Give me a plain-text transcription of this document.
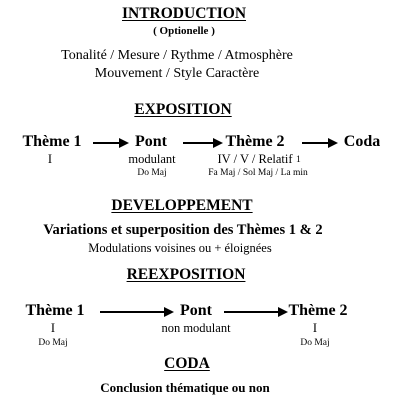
INTRODUCTION
( Optionelle )
Tonalité / Mesure / Rythme / Atmosphère
Mouvement / Style Caractère
EXPOSITION
Thème 1
I
Pont
modulant
Do Maj
Thème 2
IV / V / Relatif 1
Fa Maj / Sol Maj / La min
Coda
DEVELOPPEMENT
Variations et superposition des Thèmes 1 & 2
Modulations voisines ou + éloignées
REEXPOSITION
Thème 1
I
Do Maj
Pont
non modulant
Thème 2
I
Do Maj
CODA
Conclusion thématique ou non
